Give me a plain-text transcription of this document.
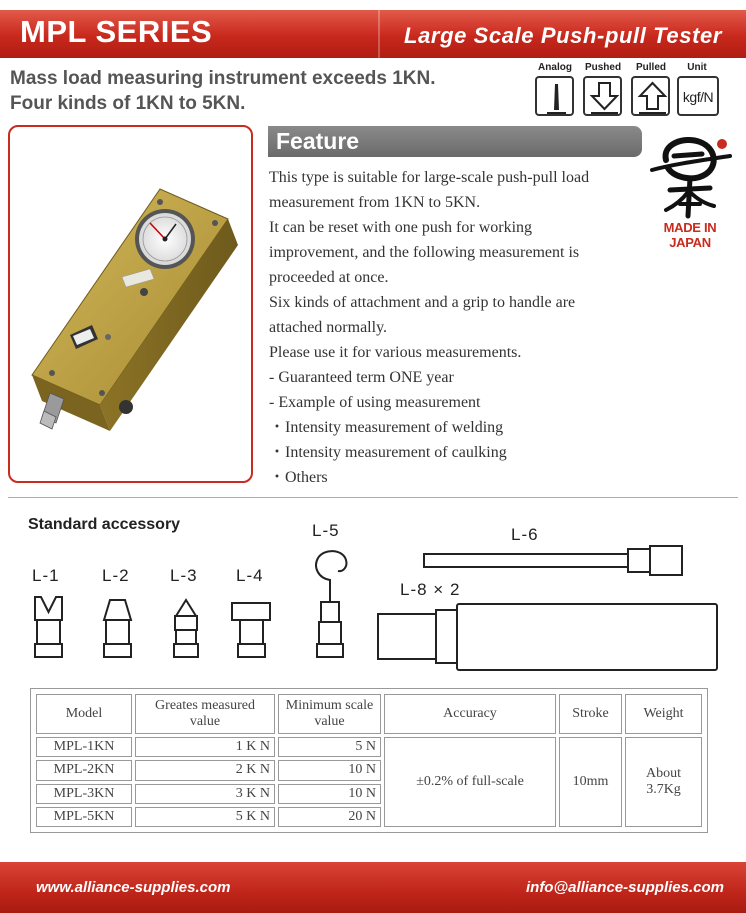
MPL SERIES	Large Scale Push-pull Tester
Mass load measuring instrument exceeds 1KN.
Four kinds of 1KN to 5KN.
Analog	Pushed	Pulled	Unit
kgf/N
Feature
This type is suitable for large-scale push-pull load
measurement from 1KN to 5KN.
It can be reset with one push for working
improvement, and the following measurement is
proceeded at once.
Six kinds of attachment and a grip to handle are
attached normally.
Please use it for various measurements.
- Guaranteed term ONE year
- Example of using measurement
・Intensity measurement of welding
・Intensity measurement of caulking
・Others
MADE IN JAPAN
Standard accessory
L-1 L-2 L-3 L-4
L-5	L-6
L-8 × 2
Model	Greates measured value	Minimum scale value	Accuracy	Stroke	Weight
MPL-1KN	1 K N	5 N	±0.2% of full-scale	10mm	About 3.7Kg
MPL-2KN	2 K N	10 N			
MPL-3KN	3 K N	10 N			
MPL-5KN	5 K N	20 N			
www.alliance-supplies.com	info@alliance-supplies.com
